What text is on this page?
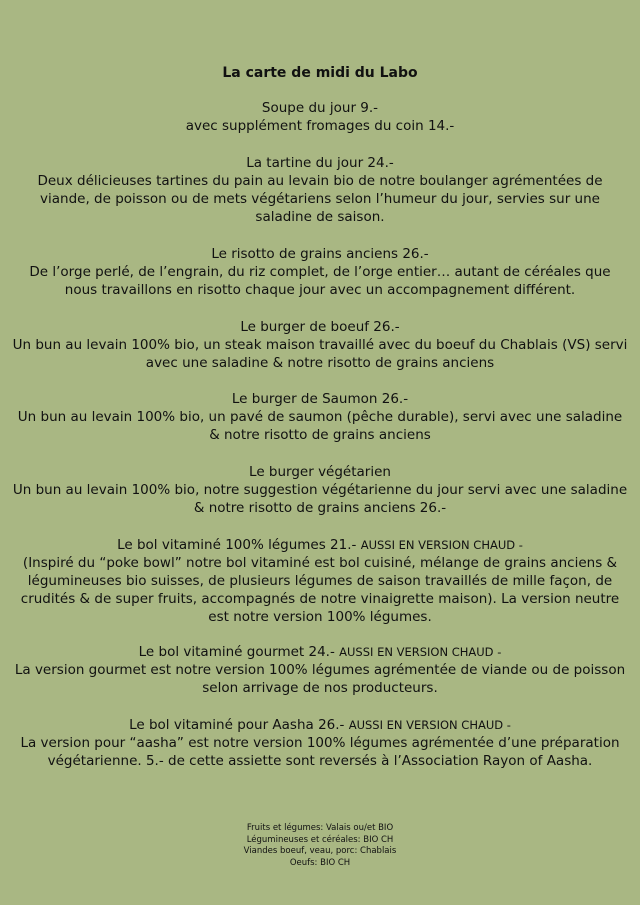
La carte de midi du Labo
Soupe du jour 9.-
avec supplément fromages du coin 14.-
La tartine du jour 24.-
Deux délicieuses tartines du pain au levain bio de notre boulanger agrémentées de
viande, de poisson ou de mets végétariens selon l’humeur du jour, servies sur une
saladine de saison.
Le risotto de grains anciens 26.-
De l’orge perlé, de l’engrain, du riz complet, de l’orge entier… autant de céréales que
nous travaillons en risotto chaque jour avec un accompagnement différent.
Le burger de boeuf 26.-
Un bun au levain 100% bio, un steak maison travaillé avec du boeuf du Chablais (VS) servi
avec une saladine & notre risotto de grains anciens
Le burger de Saumon 26.-
Un bun au levain 100% bio, un pavé de saumon (pêche durable), servi avec une saladine
& notre risotto de grains anciens
Le burger végétarien
Un bun au levain 100% bio, notre suggestion végétarienne du jour servi avec une saladine
& notre risotto de grains anciens 26.-
Le bol vitaminé 100% légumes 21.- AUSSI EN VERSION CHAUD -
(Inspiré du “poke bowl” notre bol vitaminé est bol cuisiné, mélange de grains anciens &
légumineuses bio suisses, de plusieurs légumes de saison travaillés de mille façon, de
crudités & de super fruits, accompagnés de notre vinaigrette maison). La version neutre
est notre version 100% légumes.
Le bol vitaminé gourmet 24.- AUSSI EN VERSION CHAUD -
La version gourmet est notre version 100% légumes agrémentée de viande ou de poisson
selon arrivage de nos producteurs.
Le bol vitaminé pour Aasha 26.- AUSSI EN VERSION CHAUD -
La version pour “aasha” est notre version 100% légumes agrémentée d’une préparation
végétarienne. 5.- de cette assiette sont reversés à l’Association Rayon of Aasha.
Fruits et légumes: Valais ou/et BIO
Légumineuses et céréales: BIO CH
Viandes boeuf, veau, porc: Chablais
Oeufs: BIO CH
